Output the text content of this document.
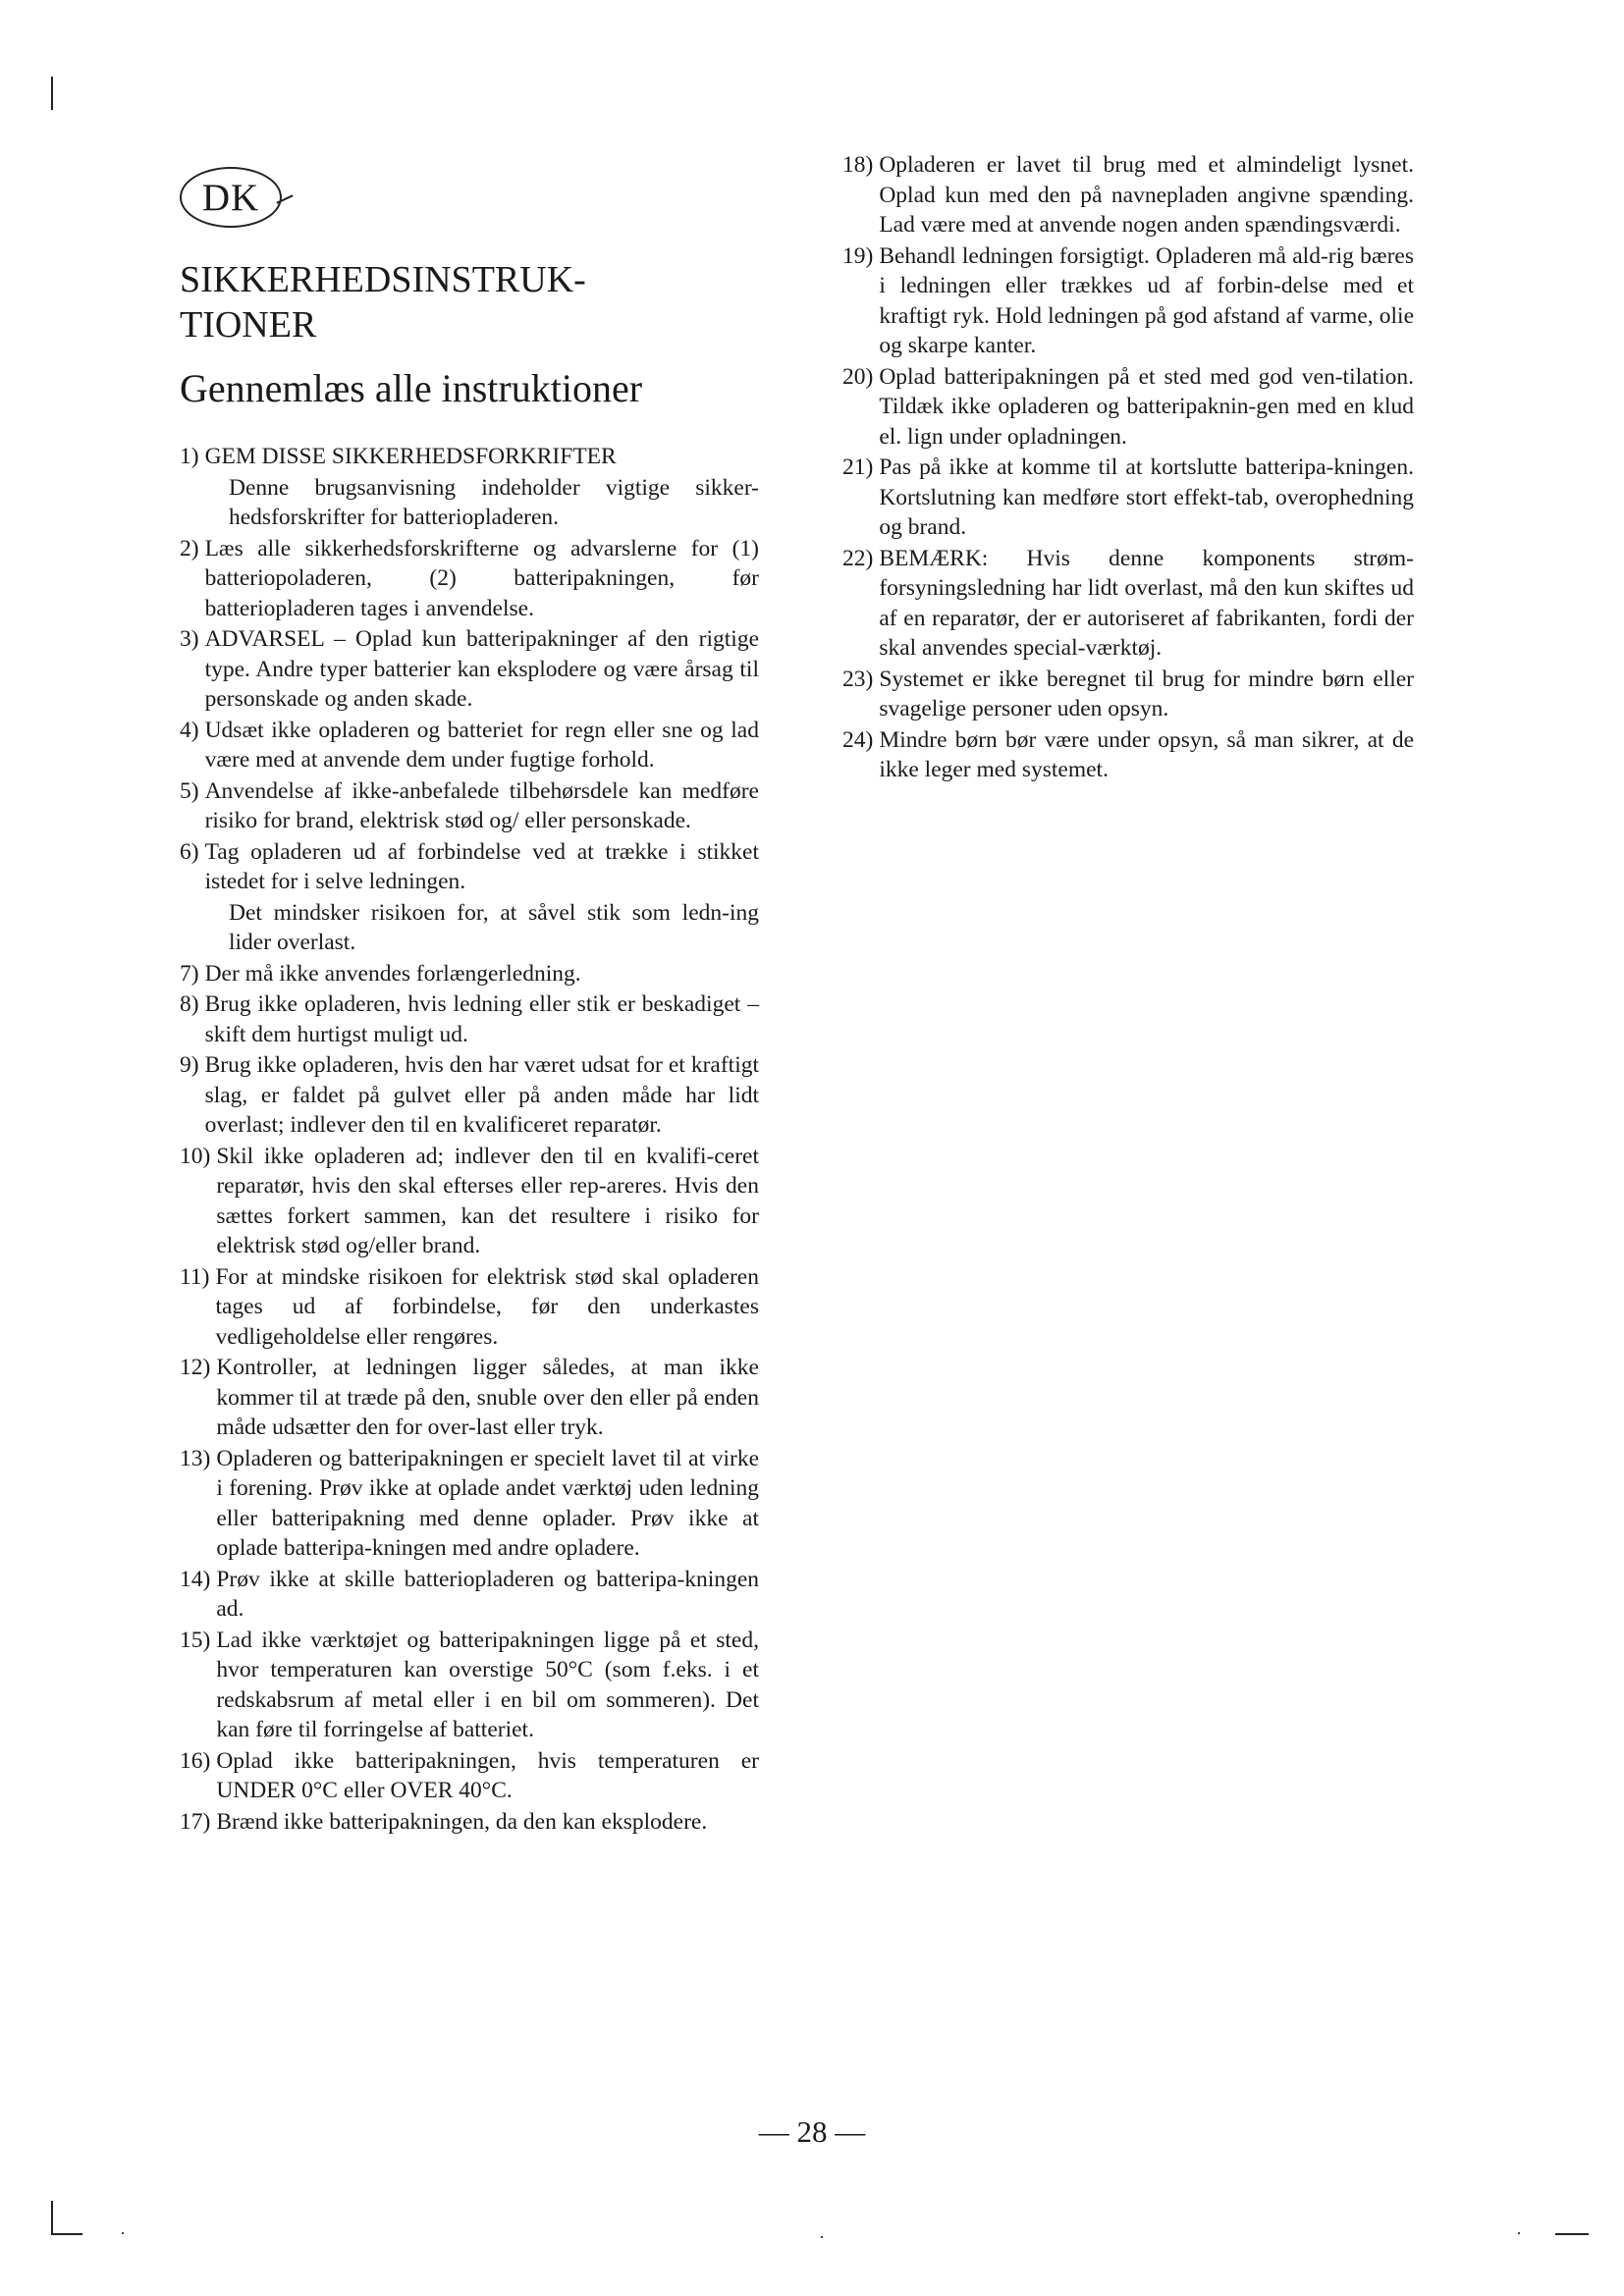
DK
SIKKERHEDSINSTRUK-
TIONER
Gennemlæs alle instruktioner
1) GEM DISSE SIKKERHEDSFORKRIFTER
Denne brugsanvisning indeholder vigtige sikker-hedsforskrifter for batteriopladeren.
2) Læs alle sikkerhedsforskrifterne og advarslerne for (1) batteriopoladeren, (2) batteripakningen, før batteriopladeren tages i anvendelse.
3) ADVARSEL – Oplad kun batteripakninger af den rigtige type. Andre typer batterier kan eksplodere og være årsag til personskade og anden skade.
4) Udsæt ikke opladeren og batteriet for regn eller sne og lad være med at anvende dem under fugtige forhold.
5) Anvendelse af ikke-anbefalede tilbehørsdele kan medføre risiko for brand, elektrisk stød og/ eller personskade.
6) Tag opladeren ud af forbindelse ved at trække i stikket istedet for i selve ledningen.
Det mindsker risikoen for, at såvel stik som ledn-ing lider overlast.
7) Der må ikke anvendes forlængerledning.
8) Brug ikke opladeren, hvis ledning eller stik er beskadiget – skift dem hurtigst muligt ud.
9) Brug ikke opladeren, hvis den har været udsat for et kraftigt slag, er faldet på gulvet eller på anden måde har lidt overlast; indlever den til en kvalificeret reparatør.
10) Skil ikke opladeren ad; indlever den til en kvalifi-ceret reparatør, hvis den skal efterses eller rep-areres. Hvis den sættes forkert sammen, kan det resultere i risiko for elektrisk stød og/eller brand.
11) For at mindske risikoen for elektrisk stød skal opladeren tages ud af forbindelse, før den underkastes vedligeholdelse eller rengøres.
12) Kontroller, at ledningen ligger således, at man ikke kommer til at træde på den, snuble over den eller på enden måde udsætter den for over-last eller tryk.
13) Opladeren og batteripakningen er specielt lavet til at virke i forening. Prøv ikke at oplade andet værktøj uden ledning eller batteripakning med denne oplader. Prøv ikke at oplade batteripa-kningen med andre opladere.
14) Prøv ikke at skille batteriopladeren og batteripa-kningen ad.
15) Lad ikke værktøjet og batteripakningen ligge på et sted, hvor temperaturen kan overstige 50°C (som f.eks. i et redskabsrum af metal eller i en bil om sommeren). Det kan føre til forringelse af batteriet.
16) Oplad ikke batteripakningen, hvis temperaturen er UNDER 0°C eller OVER 40°C.
17) Brænd ikke batteripakningen, da den kan eksplodere.
18) Opladeren er lavet til brug med et almindeligt lysnet. Oplad kun med den på navnepladen angivne spænding. Lad være med at anvende nogen anden spændingsværdi.
19) Behandl ledningen forsigtigt. Opladeren må ald-rig bæres i ledningen eller trækkes ud af forbin-delse med et kraftigt ryk. Hold ledningen på god afstand af varme, olie og skarpe kanter.
20) Oplad batteripakningen på et sted med god ven-tilation. Tildæk ikke opladeren og batteripaknin-gen med en klud el. lign under opladningen.
21) Pas på ikke at komme til at kortslutte batteripa-kningen. Kortslutning kan medføre stort effekt-tab, overophedning og brand.
22) BEMÆRK: Hvis denne komponents strøm-forsyningsledning har lidt overlast, må den kun skiftes ud af en reparatør, der er autoriseret af fabrikanten, fordi der skal anvendes special-værktøj.
23) Systemet er ikke beregnet til brug for mindre børn eller svagelige personer uden opsyn.
24) Mindre børn bør være under opsyn, så man sikrer, at de ikke leger med systemet.
— 28 —
